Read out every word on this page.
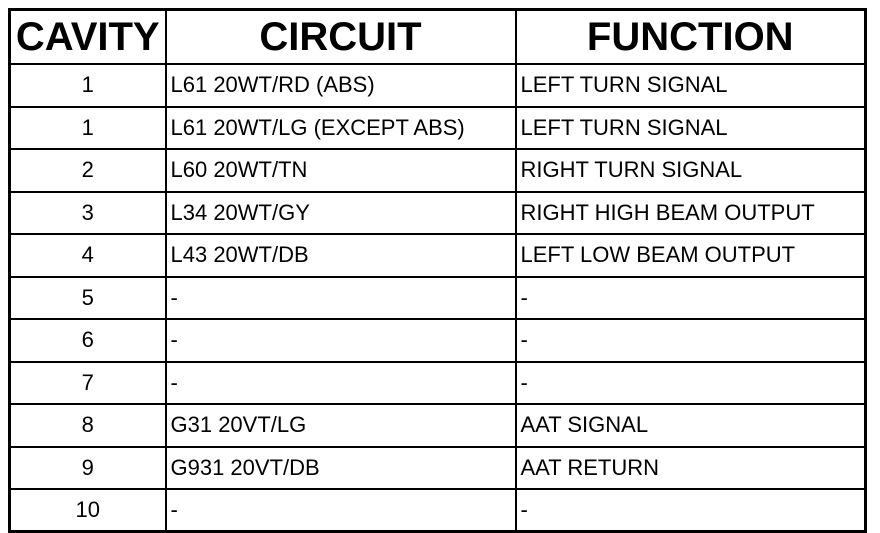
CAVITY	CIRCUIT	FUNCTION
1	L61 20WT/RD (ABS)	LEFT TURN SIGNAL
1	L61 20WT/LG (EXCEPT ABS)	LEFT TURN SIGNAL
2	L60 20WT/TN	RIGHT TURN SIGNAL
3	L34 20WT/GY	RIGHT HIGH BEAM OUTPUT
4	L43 20WT/DB	LEFT LOW BEAM OUTPUT
5	-	-
6	-	-
7	-	-
8	G31 20VT/LG	AAT SIGNAL
9	G931 20VT/DB	AAT RETURN
10	-	-
